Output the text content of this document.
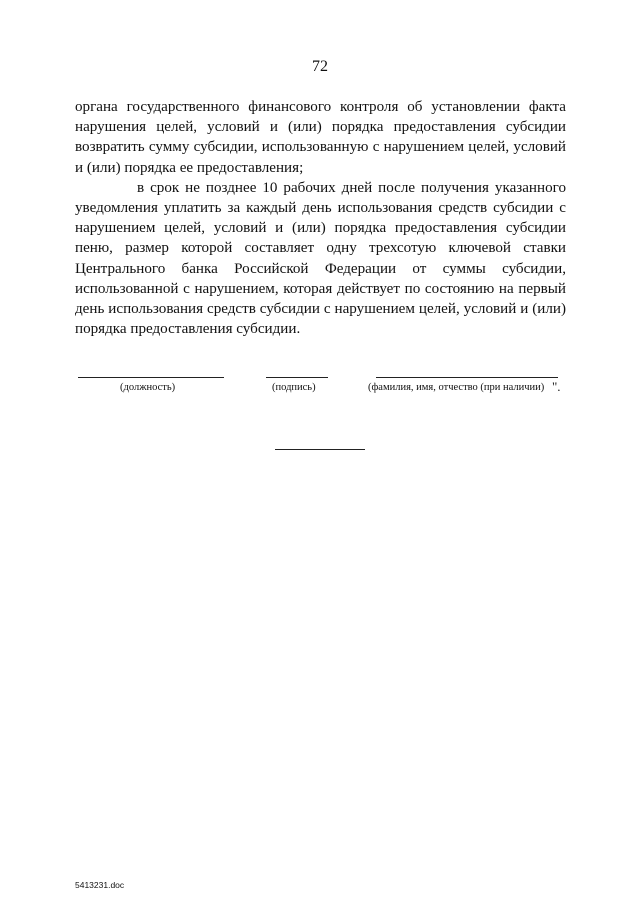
72

органа государственного финансового контроля об установлении факта нарушения целей, условий и (или) порядка предоставления субсидии возвратить сумму субсидии, использованную с нарушением целей, условий и (или) порядка ее предоставления;

в срок не позднее 10 рабочих дней после получения указанного уведомления уплатить за каждый день использования средств субсидии с нарушением целей, условий и (или) порядка предоставления субсидии пеню, размер которой составляет одну трехсотую ключевой ставки Центрального банка Российской Федерации от суммы субсидии, использованной с нарушением, которая действует по состоянию на первый день использования средств субсидии с нарушением целей, условий и (или) порядка предоставления субсидии.

(должность)	(подпись)	(фамилия, имя, отчество (при наличии) ".
5413231.doc
